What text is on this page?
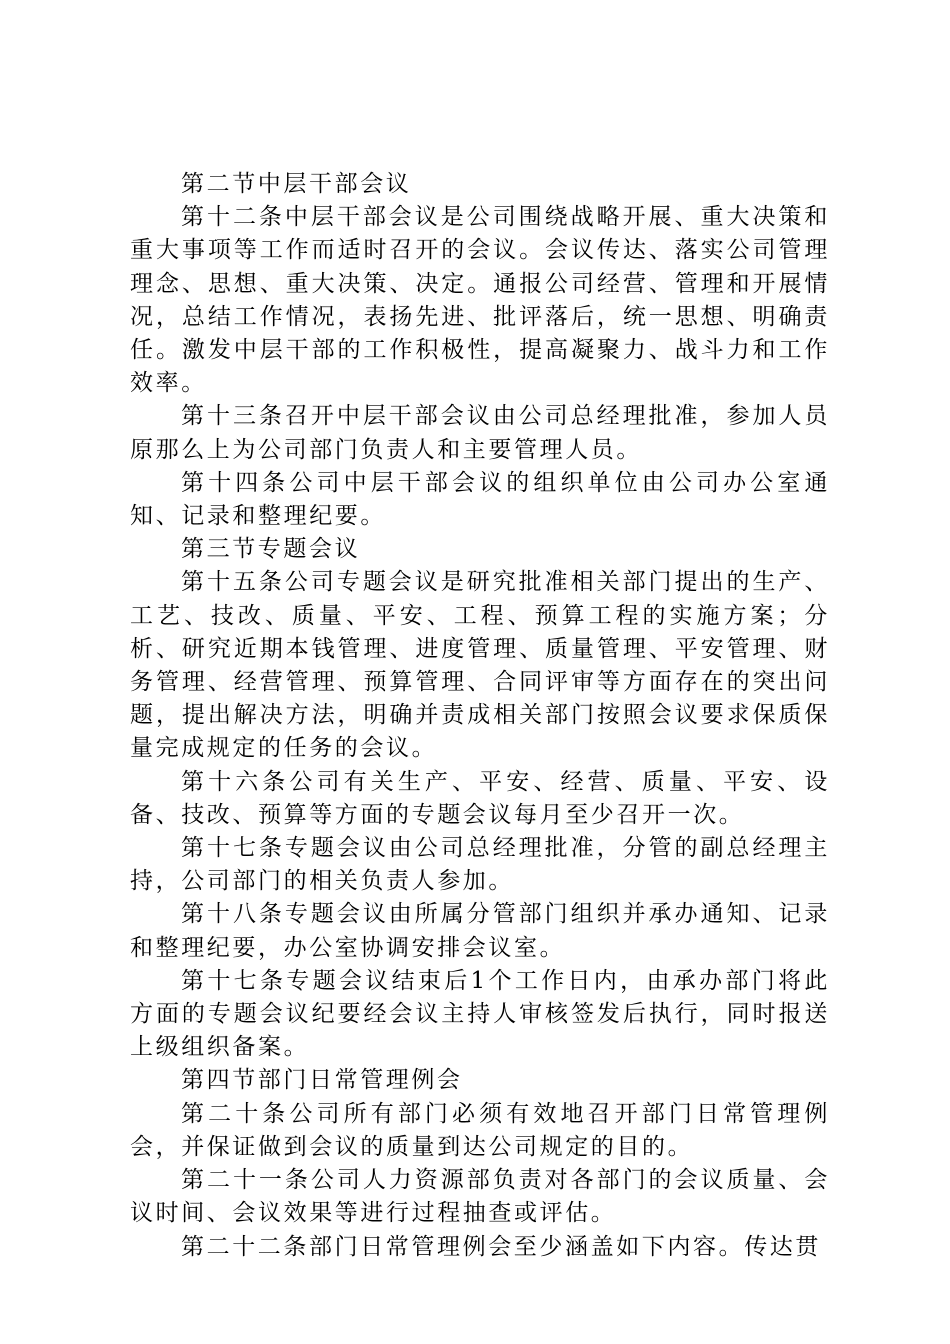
第二节中层干部会议

第十二条中层干部会议是公司围绕战略开展、重大决策和重大事项等工作而适时召开的会议。会议传达、落实公司管理理念、思想、重大决策、决定。通报公司经营、管理和开展情况，总结工作情况，表扬先进、批评落后，统一思想、明确责任。激发中层干部的工作积极性，提高凝聚力、战斗力和工作效率。

第十三条召开中层干部会议由公司总经理批准，参加人员原那么上为公司部门负责人和主要管理人员。

第十四条公司中层干部会议的组织单位由公司办公室通知、记录和整理纪要。

第三节专题会议

第十五条公司专题会议是研究批准相关部门提出的生产、工艺、技改、质量、平安、工程、预算工程的实施方案；分析、研究近期本钱管理、进度管理、质量管理、平安管理、财务管理、经营管理、预算管理、合同评审等方面存在的突出问题，提出解决方法，明确并责成相关部门按照会议要求保质保量完成规定的任务的会议。

第十六条公司有关生产、平安、经营、质量、平安、设备、技改、预算等方面的专题会议每月至少召开一次。

第十七条专题会议由公司总经理批准，分管的副总经理主持，公司部门的相关负责人参加。

第十八条专题会议由所属分管部门组织并承办通知、记录和整理纪要，办公室协调安排会议室。

第十七条专题会议结束后1个工作日内，由承办部门将此方面的专题会议纪要经会议主持人审核签发后执行，同时报送上级组织备案。

第四节部门日常管理例会

第二十条公司所有部门必须有效地召开部门日常管理例会，并保证做到会议的质量到达公司规定的目的。

第二十一条公司人力资源部负责对各部门的会议质量、会议时间、会议效果等进行过程抽查或评估。

第二十二条部门日常管理例会至少涵盖如下内容。传达贯
